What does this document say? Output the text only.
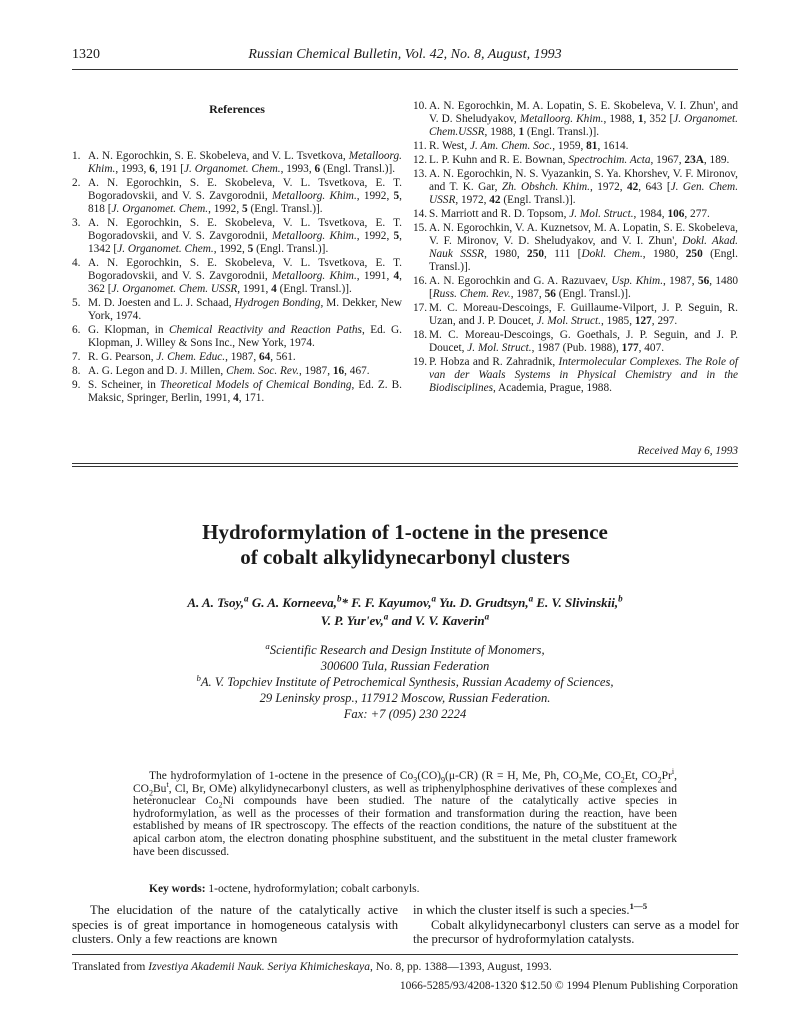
1320	Russian Chemical Bulletin, Vol. 42, No. 8, August, 1993
References
1. A. N. Egorochkin, S. E. Skobeleva, and V. L. Tsvetkova, Metalloorg. Khim., 1993, 6, 191 [J. Organomet. Chem., 1993, 6 (Engl. Transl.)].
2. A. N. Egorochkin, S. E. Skobeleva, V. L. Tsvetkova, E. T. Bogoradovskii, and V. S. Zavgorodnii, Metalloorg. Khim., 1992, 5, 818 [J. Organomet. Chem., 1992, 5 (Engl. Transl.)].
3. A. N. Egorochkin, S. E. Skobeleva, V. L. Tsvetkova, E. T. Bogoradovskii, and V. S. Zavgorodnii, Metalloorg. Khim., 1992, 5, 1342 [J. Organomet. Chem., 1992, 5 (Engl. Transl.)].
4. A. N. Egorochkin, S. E. Skobeleva, V. L. Tsvetkova, E. T. Bogoradovskii, and V. S. Zavgorodnii, Metalloorg. Khim., 1991, 4, 362 [J. Organomet. Chem. USSR, 1991, 4 (Engl. Transl.)].
5. M. D. Joesten and L. J. Schaad, Hydrogen Bonding, M. Dekker, New York, 1974.
6. G. Klopman, in Chemical Reactivity and Reaction Paths, Ed. G. Klopman, J. Willey & Sons Inc., New York, 1974.
7. R. G. Pearson, J. Chem. Educ., 1987, 64, 561.
8. A. G. Legon and D. J. Millen, Chem. Soc. Rev., 1987, 16, 467.
9. S. Scheiner, in Theoretical Models of Chemical Bonding, Ed. Z. B. Maksic, Springer, Berlin, 1991, 4, 171.
10. A. N. Egorochkin, M. A. Lopatin, S. E. Skobeleva, V. I. Zhun', and V. D. Sheludyakov, Metalloorg. Khim., 1988, 1, 352 [J. Organomet. Chem.USSR, 1988, 1 (Engl. Transl.)].
11. R. West, J. Am. Chem. Soc., 1959, 81, 1614.
12. L. P. Kuhn and R. E. Bownan, Spectrochim. Acta, 1967, 23A, 189.
13. A. N. Egorochkin, N. S. Vyazankin, S. Ya. Khorshev, V. F. Mironov, and T. K. Gar, Zh. Obshch. Khim., 1972, 42, 643 [J. Gen. Chem. USSR, 1972, 42 (Engl. Transl.)].
14. S. Marriott and R. D. Topsom, J. Mol. Struct., 1984, 106, 277.
15. A. N. Egorochkin, V. A. Kuznetsov, M. A. Lopatin, S. E. Skobeleva, V. F. Mironov, V. D. Sheludyakov, and V. I. Zhun', Dokl. Akad. Nauk SSSR, 1980, 250, 111 [Dokl. Chem., 1980, 250 (Engl. Transl.)].
16. A. N. Egorochkin and G. A. Razuvaev, Usp. Khim., 1987, 56, 1480 [Russ. Chem. Rev., 1987, 56 (Engl. Transl.)].
17. M. C. Moreau-Descoings, F. Guillaume-Vilport, J. P. Seguin, R. Uzan, and J. P. Doucet, J. Mol. Struct., 1985, 127, 297.
18. M. C. Moreau-Descoings, G. Goethals, J. P. Seguin, and J. P. Doucet, J. Mol. Struct., 1987 (Pub. 1988), 177, 407.
19. P. Hobza and R. Zahradnik, Intermolecular Complexes. The Role of van der Waals Systems in Physical Chemistry and in the Biodisciplines, Academia, Prague, 1988.
Received May 6, 1993
Hydroformylation of 1-octene in the presence
of cobalt alkylidynecarbonyl clusters
A. A. Tsoy,$^a$ G. A. Korneeva,$^b$* F. F. Kayumov,$^a$ Yu. D. Grudtsyn,$^a$ E. V. Slivinskii,$^b$
V. P. Yur'ev,$^a$ and V. V. Kaverin$^a$
$^a$Scientific Research and Design Institute of Monomers,
300600 Tula, Russian Federation
$^b$A. V. Topchiev Institute of Petrochemical Synthesis, Russian Academy of Sciences,
29 Leninsky prosp., 117912 Moscow, Russian Federation.
Fax: +7 (095) 230 2224
The hydroformylation of 1-octene in the presence of $Co_3(CO)_9(\mu-CR) (R = H$, Me, Ph, $CO_2Me$, $CO_2Et$, $CO_2Pr^i$, $CO_2Bu^t$, Cl, Br, OMe) alkylidynecarbonyl clusters, as well as triphenylphosphine derivatives of these complexes and heteronuclear $Co_2Ni$ compounds have been studied. The nature of the catalytically active species in hydroformylation, as well as the processes of their formation and transformation during the reaction, have been established by means of IR spectroscopy. The effects of the reaction conditions, the nature of the substituent at the apical carbon atom, the electron donating phosphine substituent, and the substituent in the metal cluster framework have been discussed.
Key words: 1-octene, hydroformylation; cobalt carbonyls.

The elucidation of the nature of the catalytically active species is of great importance in homogeneous catalysis with clusters. Only a few reactions are known

in which the cluster itself is such a species.$^{1—5}$

Cobalt alkylidynecarbonyl clusters can serve as a model for the precursor of hydroformylation catalysts.

Translated from Izvestiya Akademii Nauk. Seriya Khimicheskaya, No. 8, pp. 1388—1393, August, 1993.
1066-5285/93/4208-1320 $12.50 © 1994 Plenum Publishing Corporation
